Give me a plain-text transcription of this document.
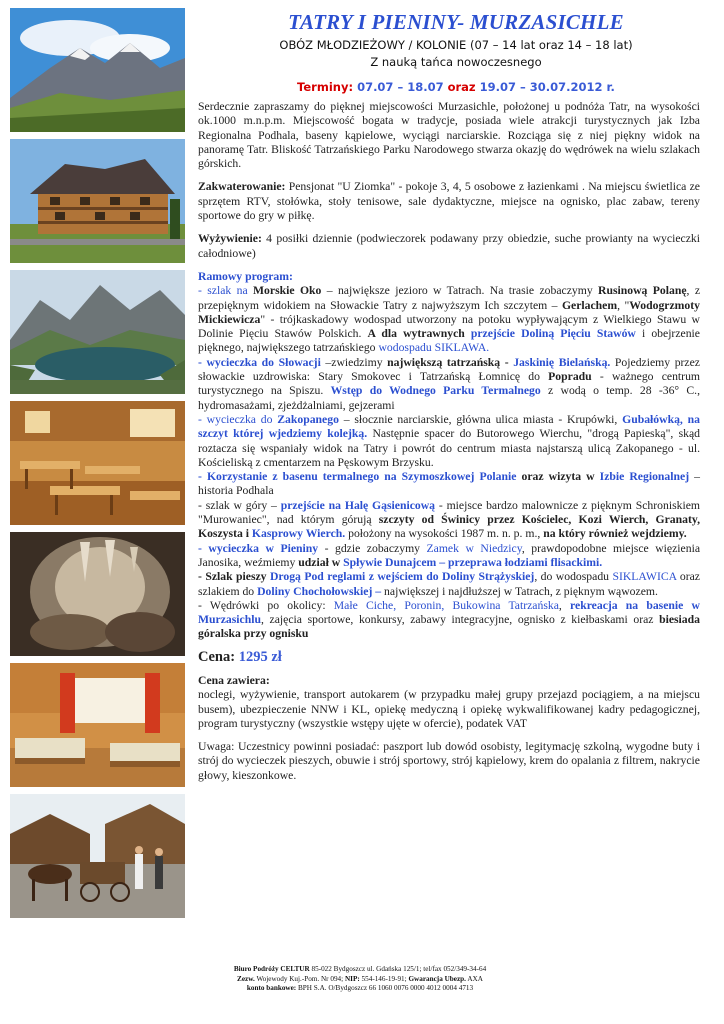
TATRY I PIENINY- MURZASICHLE
OBÓZ MŁODZIEŻOWY / KOLONIE (07 – 14 lat oraz 14 – 18 lat)
Z nauką tańca nowoczesnego
Terminy: 07.07 – 18.07 oraz 19.07 – 30.07.2012 r.

Serdecznie zapraszamy do pięknej miejscowości Murzasichle, położonej u podnóża Tatr, na wysokości ok.1000 m.n.p.m. Miejscowość bogata w tradycje, posiada wiele atrakcji turystycznych jak Izba Regionalna Podhala, baseny kąpielowe, wyciągi narciarskie. Rozciąga się z niej piękny widok na panoramę Tatr. Bliskość Tatrzańskiego Parku Narodowego stwarza okazję do wędrówek na wielu szlakach górskich.

Zakwaterowanie: Pensjonat "U Ziomka" - pokoje 3, 4, 5 osobowe z łazienkami . Na miejscu świetlica ze sprzętem RTV, stołówka, stoły tenisowe, sale dydaktyczne, miejsce na ognisko, plac zabaw, tereny sportowe do gry w piłkę.

Wyżywienie: 4 posiłki dziennie (podwieczorek podawany przy obiedzie, suche prowianty na wycieczki całodniowe)

Ramowy program:
- szlak na Morskie Oko – największe jezioro w Tatrach. Na trasie zobaczymy Rusinową Polanę, z przepięknym widokiem na Słowackie Tatry z najwyższym Ich szczytem – Gerlachem, "Wodogrzmoty Mickiewicza" - trójkaskadowy wodospad utworzony na potoku wypływającym z Wielkiego Stawu w Dolinie Pięciu Stawów Polskich. A dla wytrawnych przejście Doliną Pięciu Stawów i obejrzenie pięknego, największego tatrzańskiego wodospadu SIKLAWA.
- wycieczka do Słowacji –zwiedzimy największą tatrzańską - Jaskinię Bielańską. Pojedziemy przez słowackie uzdrowiska: Stary Smokovec i Tatrzańską Łomnicę do Popradu - ważnego centrum turystycznego na Spiszu. Wstęp do Wodnego Parku Termalnego z wodą o temp. 28 -36° C., hydromasażami, zjeżdżalniami, gejzerami
- wycieczka do Zakopanego – słocznie narciarskie, główna ulica miasta - Krupówki, Gubałówką, na szczyt której wjedziemy kolejką. Następnie spacer do Butorowego Wierchu, "drogą Papieską", skąd roztacza się wspaniały widok na Tatry i powrót do centrum miasta najstarszą ulicą Zakopanego - ul. Kościeliską z cmentarzem na Pęskowym Brzysku.
- Korzystanie z basenu termalnego na Szymoszkowej Polanie oraz wizyta w Izbie Regionalnej – historia Podhala
- szlak w góry – przejście na Halę Gąsienicową - miejsce bardzo malownicze z pięknym Schroniskiem "Murowaniec", nad którym górują szczyty od Świnicy przez Kościelec, Kozi Wierch, Granaty, Koszysta i Kasprowy Wierch. położony na wysokości 1987 m. n. p. m., na który również wejdziemy.
- wycieczka w Pieniny - gdzie zobaczymy Zamek w Niedzicy, prawdopodobne miejsce więzienia Janosika, weźmiemy udział w Spływie Dunajcem – przeprawa łodziami flisackimi.
- Szlak pieszy Drogą Pod reglami z wejściem do Doliny Strążyskiej, do wodospadu SIKLAWICA oraz szlakiem do Doliny Chochołowskiej – największej i najdłuższej w Tatrach, z pięknym wąwozem.
- Wędrówki po okolicy: Małe Ciche, Poronin, Bukowina Tatrzańska, rekreacja na basenie w Murzasichlu, zajęcia sportowe, konkursy, zabawy integracyjne, ognisko z kiełbaskami oraz biesiada góralska przy ognisku
Cena: 1295 zł

Cena zawiera:
noclegi, wyżywienie, transport autokarem (w przypadku małej grupy przejazd pociągiem, a na miejscu busem), ubezpieczenie NNW i KL, opiekę medyczną i opiekę wykwalifikowanej kadry pedagogicznej, program turystyczny (wszystkie wstępy ujęte w ofercie), podatek VAT

Uwaga: Uczestnicy powinni posiadać: paszport lub dowód osobisty, legitymację szkolną, wygodne buty i strój do wycieczek pieszych, obuwie i strój sportowy, strój kąpielowy, krem do opalania z filtrem, nakrycie głowy, kieszonkowe.

Biuro Podróży CELTUR 85-022 Bydgoszcz ul. Gdańska 125/1; tel/fax 052/349-34-64
Zezw. Wojewody Kuj.-Pom. Nr 094; NIP: 554-146-19-91; Gwarancja Ubezp. AXA
konto bankowe: BPH S.A. O/Bydgoszcz 66 1060 0076 0000 4012 0004 4713
